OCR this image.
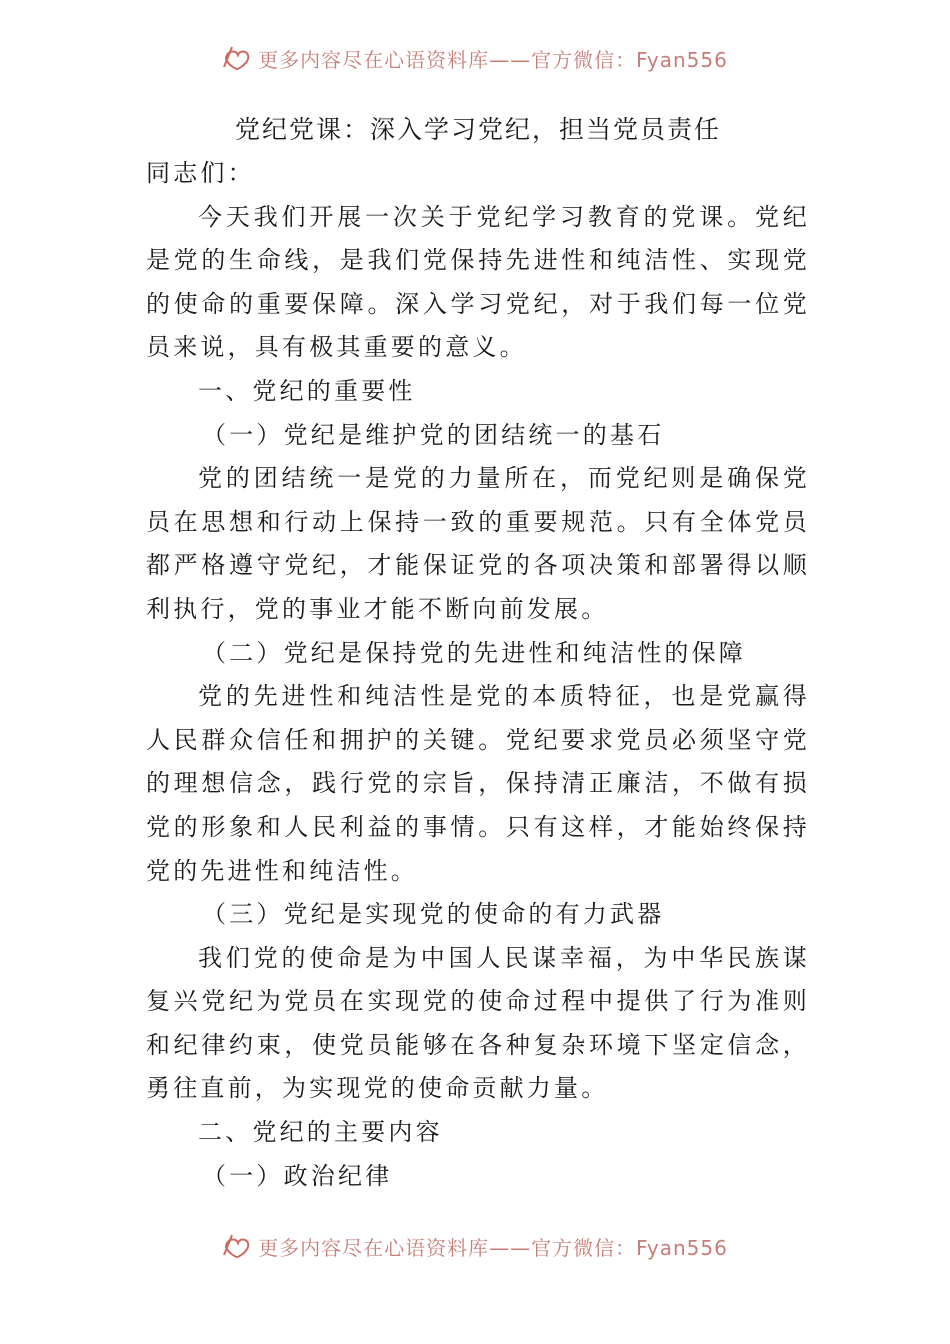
更多内容尽在心语资料库——官方微信：Fyan556

党纪党课：深入学习党纪，担当党员责任

同志们：

今天我们开展一次关于党纪学习教育的党课。党纪是党的生命线，是我们党保持先进性和纯洁性、实现党的使命的重要保障。深入学习党纪，对于我们每一位党员来说，具有极其重要的意义。

一、党纪的重要性

（一）党纪是维护党的团结统一的基石

党的团结统一是党的力量所在，而党纪则是确保党员在思想和行动上保持一致的重要规范。只有全体党员都严格遵守党纪，才能保证党的各项决策和部署得以顺利执行，党的事业才能不断向前发展。

（二）党纪是保持党的先进性和纯洁性的保障

党的先进性和纯洁性是党的本质特征，也是党赢得人民群众信任和拥护的关键。党纪要求党员必须坚守党的理想信念，践行党的宗旨，保持清正廉洁，不做有损党的形象和人民利益的事情。只有这样，才能始终保持党的先进性和纯洁性。

（三）党纪是实现党的使命的有力武器

我们党的使命是为中国人民谋幸福，为中华民族谋复兴党纪为党员在实现党的使命过程中提供了行为准则和纪律约束，使党员能够在各种复杂环境下坚定信念，勇往直前，为实现党的使命贡献力量。

二、党纪的主要内容

（一）政治纪律

更多内容尽在心语资料库——官方微信：Fyan556
